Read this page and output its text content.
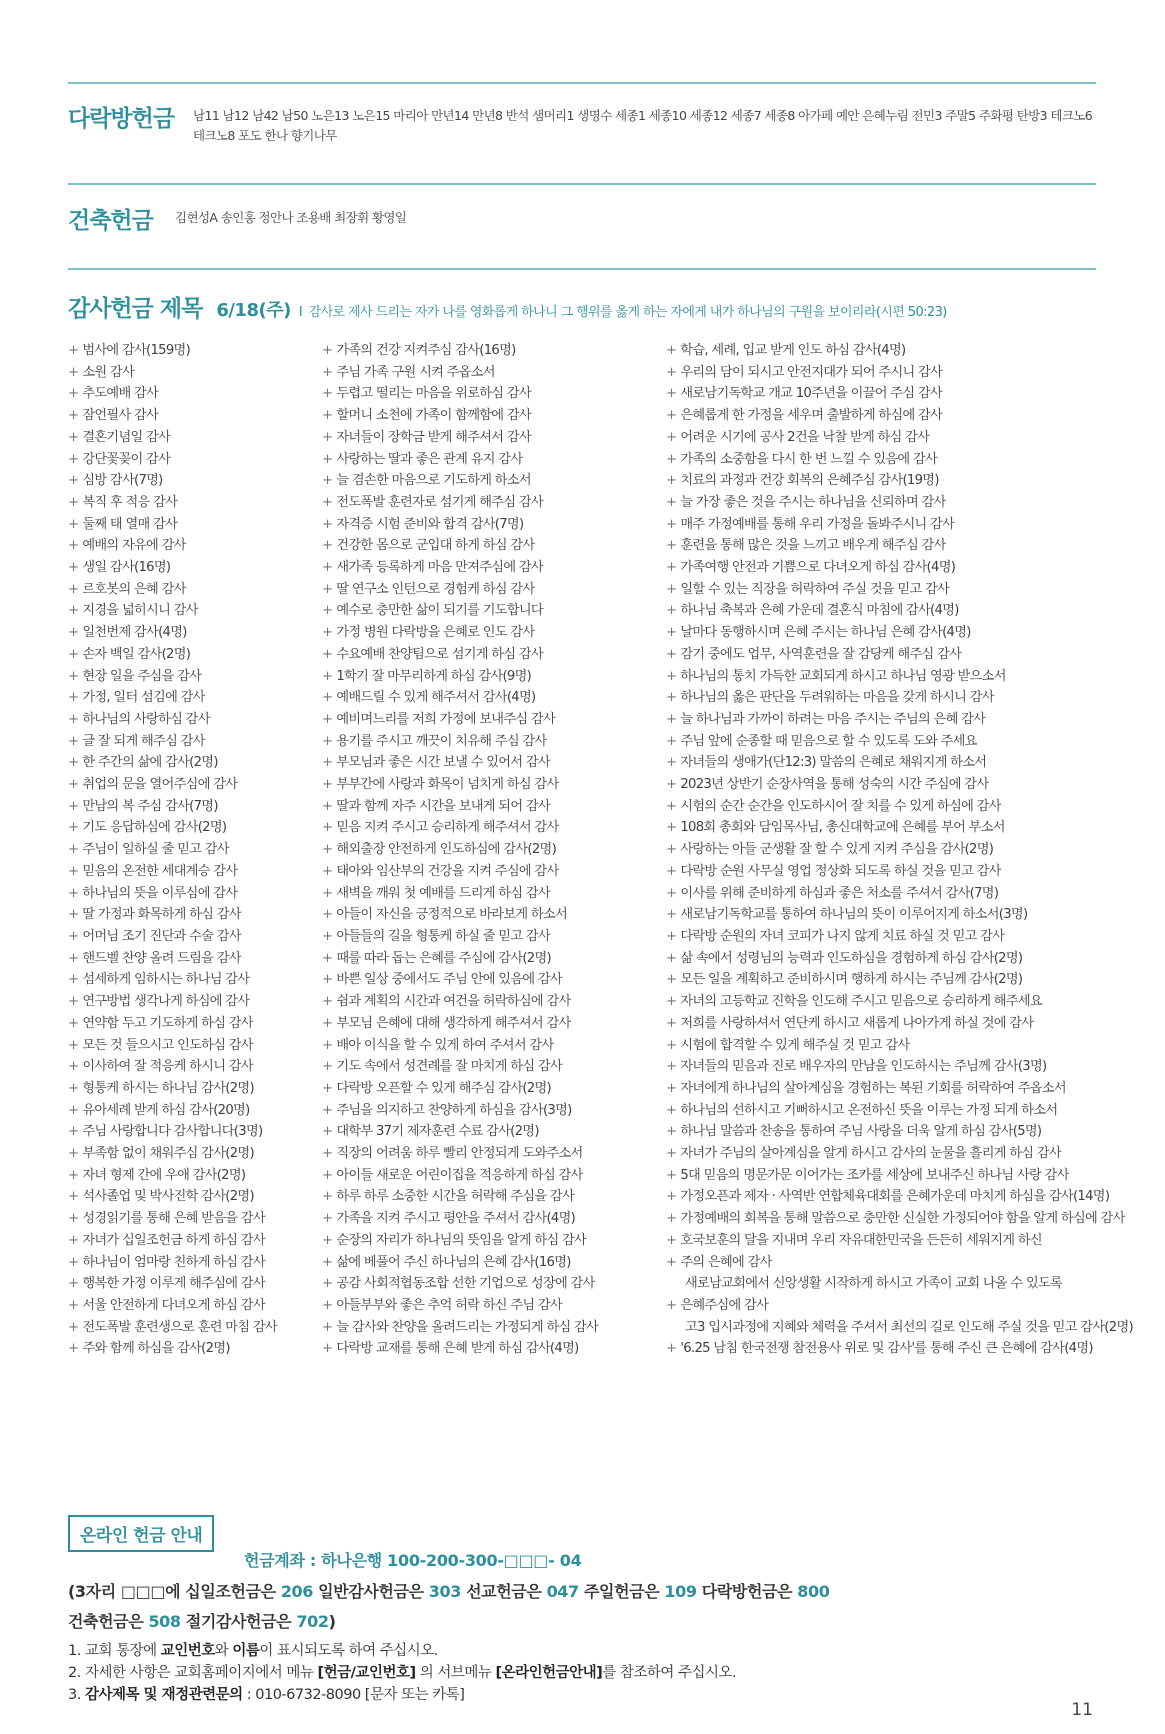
다락방헌금 남11 남12 남42 남50 노은13 노은15 마리아 만년14 만년8 반석 샘머리1 생명수 세종1 세종10 세종12 세종7 세종8 아가페 예안 은혜누림 전민3 주말5 주화평 탄방3 테크노6
테크노8 포도 한나 향기나무
건축헌금 김현성A 송인홍 정안나 조용배 최장휘 황영일
감사헌금 제목 6/18(주) I 감사로 제사 드리는 자가 나를 영화롭게 하나니 그 행위를 옳게 하는 자에게 내가 하나님의 구원을 보이리라(시편 50:23)
+ 범사에 감사(159명)
+ 소원 감사
+ 추도예배 감사
+ 잠언필사 감사
+ 결혼기념일 감사
+ 강단꽃꽂이 감사
+ 심방 감사(7명)
+ 복직 후 적응 감사
+ 둘째 태 열매 감사
+ 예배의 자유에 감사
+ 생일 감사(16명)
+ 르호봇의 은혜 감사
+ 지경을 넓히시니 감사
+ 일천번제 감사(4명)
+ 손자 백일 감사(2명)
+ 현장 일을 주심을 감사
+ 가정, 일터 섬김에 감사
+ 하나님의 사랑하심 감사
+ 글 잘 되게 해주심 감사
+ 한 주간의 삶에 감사(2명)
+ 취업의 문을 열어주심에 감사
+ 만남의 복 주심 감사(7명)
+ 기도 응답하심에 감사(2명)
+ 주님이 일하실 줄 믿고 감사
+ 믿음의 온전한 세대계승 감사
+ 하나님의 뜻을 이루심에 감사
+ 딸 가정과 화목하게 하심 감사
+ 어머님 조기 진단과 수술 감사
+ 핸드벨 찬양 올려 드림을 감사
+ 섬세하게 임하시는 하나님 감사
+ 연구방법 생각나게 하심에 감사
+ 연약함 두고 기도하게 하심 감사
+ 모든 것 들으시고 인도하심 감사
+ 이사하여 잘 적응케 하시니 감사
+ 형통케 하시는 하나님 감사(2명)
+ 유아세례 받게 하심 감사(20명)
+ 주님 사랑합니다 감사합니다(3명)
+ 부족함 없이 채워주심 감사(2명)
+ 자녀 형제 간에 우애 감사(2명)
+ 석사졸업 및 박사진학 감사(2명)
+ 성경읽기를 통해 은혜 받음을 감사
+ 자녀가 십일조헌금 하게 하심 감사
+ 하나님이 엄마랑 친하게 하심 감사
+ 행복한 가정 이루게 해주심에 감사
+ 서울 안전하게 다녀오게 하심 감사
+ 전도폭발 훈련생으로 훈련 마침 감사
+ 주와 함께 하심을 감사(2명)
+ 가족의 건강 지켜주심 감사(16명)
+ 주님 가족 구원 시켜 주옵소서
+ 두렵고 떨리는 마음을 위로하심 감사
+ 할머니 소천에 가족이 함께함에 감사
+ 자녀들이 장학금 받게 해주셔서 감사
+ 사랑하는 딸과 좋은 관계 유지 감사
+ 늘 겸손한 마음으로 기도하게 하소서
+ 전도폭발 훈련자로 섬기게 해주심 감사
+ 자격증 시험 준비와 합격 감사(7명)
+ 건강한 몸으로 군입대 하게 하심 감사
+ 새가족 등록하게 마음 만져주심에 감사
+ 딸 연구소 인턴으로 경험케 하심 감사
+ 예수로 충만한 삶이 되기를 기도합니다
+ 가정 병원 다락방을 은혜로 인도 감사
+ 수요예배 찬양팀으로 섬기게 하심 감사
+ 1학기 잘 마무리하게 하심 감사(9명)
+ 예배드릴 수 있게 해주셔서 감사(4명)
+ 예비며느리를 저희 가정에 보내주심 감사
+ 용기를 주시고 깨끗이 치유해 주심 감사
+ 부모님과 좋은 시간 보낼 수 있어서 감사
+ 부부간에 사랑과 화목이 넘치게 하심 감사
+ 딸과 함께 자주 시간을 보내게 되어 감사
+ 믿음 지켜 주시고 승리하게 해주셔서 감사
+ 해외출장 안전하게 인도하심에 감사(2명)
+ 태아와 임산부의 건강을 지켜 주심에 감사
+ 새벽을 깨워 첫 예배를 드리게 하심 감사
+ 아들이 자신을 긍정적으로 바라보게 하소서
+ 아들들의 길을 형통케 하실 줄 믿고 감사
+ 때를 따라 돕는 은혜를 주심에 감사(2명)
+ 바쁜 일상 중에서도 주님 안에 있음에 감사
+ 쉼과 계획의 시간과 여건을 허락하심에 감사
+ 부모님 은혜에 대해 생각하게 해주셔서 감사
+ 배아 이식을 할 수 있게 하여 주셔서 감사
+ 기도 속에서 성견례를 잘 마치게 하심 감사
+ 다락방 오픈할 수 있게 해주심 감사(2명)
+ 주님을 의지하고 찬양하게 하심을 감사(3명)
+ 대학부 37기 제자훈련 수료 감사(2명)
+ 직장의 어려움 하루 빨리 안정되게 도와주소서
+ 아이들 새로운 어린이집을 적응하게 하심 감사
+ 하루 하루 소중한 시간을 허락해 주심을 감사
+ 가족을 지켜 주시고 평안을 주셔서 감사(4명)
+ 순장의 자리가 하나님의 뜻임을 알게 하심 감사
+ 삶에 베풀어 주신 하나님의 은혜 감사(16명)
+ 공감 사회적협동조합 선한 기업으로 성장에 감사
+ 아들부부와 좋은 추억 허락 하신 주님 감사
+ 늘 감사와 찬양을 올려드리는 가정되게 하심 감사
+ 다락방 교재를 통해 은혜 받게 하심 감사(4명)
+ 학습, 세례, 입교 받게 인도 하심 감사(4명)
+ 우리의 담이 되시고 안전지대가 되어 주시니 감사
+ 새로남기독학교 개교 10주년을 이끌어 주심 감사
+ 은혜롭게 한 가정을 세우며 출발하게 하심에 감사
+ 어려운 시기에 공사 2건을 낙찰 받게 하심 감사
+ 가족의 소중함을 다시 한 번 느낄 수 있음에 감사
+ 치료의 과정과 건강 회복의 은혜주심 감사(19명)
+ 늘 가장 좋은 것을 주시는 하나님을 신뢰하며 감사
+ 매주 가정예배를 통해 우리 가정을 돌봐주시니 감사
+ 훈련을 통해 많은 것을 느끼고 배우게 해주심 감사
+ 가족여행 안전과 기쁨으로 다녀오게 하심 감사(4명)
+ 일할 수 있는 직장을 허락하여 주실 것을 믿고 감사
+ 하나님 축복과 은혜 가운데 결혼식 마침에 감사(4명)
+ 날마다 동행하시며 은혜 주시는 하나님 은혜 감사(4명)
+ 감기 중에도 업무, 사역훈련을 잘 감당케 해주심 감사
+ 하나님의 통치 가득한 교회되게 하시고 하나님 영광 받으소서
+ 하나님의 옳은 판단을 두려워하는 마음을 갖게 하시니 감사
+ 늘 하나님과 가까이 하려는 마음 주시는 주님의 은혜 감사
+ 주님 앞에 순종할 때 믿음으로 할 수 있도록 도와 주세요
+ 자녀들의 생애가(단12:3) 말씀의 은혜로 채워지게 하소서
+ 2023년 상반기 순장사역을 통해 성숙의 시간 주심에 감사
+ 시험의 순간 순간을 인도하시어 잘 치를 수 있게 하심에 감사
+ 108회 총회와 담임목사님, 총신대학교에 은혜를 부어 부소서
+ 사랑하는 아들 군생활 잘 할 수 있게 지켜 주심을 감사(2명)
+ 다락방 순원 사무실 영업 정상화 되도록 하실 것을 믿고 감사
+ 이사를 위해 준비하게 하심과 좋은 처소를 주셔서 감사(7명)
+ 새로남기독학교를 통하여 하나님의 뜻이 이루어지게 하소서(3명)
+ 다락방 순원의 자녀 코피가 나지 않게 치료 하실 것 믿고 감사
+ 삶 속에서 성령님의 능력과 인도하심을 경험하게 하심 감사(2명)
+ 모든 일을 계획하고 준비하시며 행하게 하시는 주님께 감사(2명)
+ 자녀의 고등학교 진학을 인도해 주시고 믿음으로 승리하게 해주세요
+ 저희를 사랑하셔서 연단케 하시고 새롭게 나아가게 하실 것에 감사
+ 시험에 합격할 수 있게 해주실 것 믿고 감사
+ 자녀들의 믿음과 진로 배우자의 만남을 인도하시는 주님께 감사(3명)
+ 자녀에게 하나님의 살아계심을 경험하는 복된 기회를 허락하여 주옵소서
+ 하나님의 선하시고 기뻐하시고 온전하신 뜻을 이루는 가정 되게 하소서
+ 하나님 말씀과 찬송을 통하여 주님 사랑을 더욱 알게 하심 감사(5명)
+ 자녀가 주님의 살아계심을 알게 하시고 감사의 눈물을 흘리게 하심 감사
+ 5대 믿음의 명문가문 이어가는 조카를 세상에 보내주신 하나님 사랑 감사
+ 가정오픈과 제자 · 사역반 연합체육대회를 은혜가운데 마치게 하심을 감사(14명)
+ 가정예배의 회복을 통해 말씀으로 충만한 신실한 가정되어야 함을 알게 하심에 감사
+ 호국보훈의 달을 지내며 우리 자유대한민국을 든든히 세워지게 하신
+ 주의 은혜에 감사
새로남교회에서 신앙생활 시작하게 하시고 가족이 교회 나올 수 있도록
+ 은혜주심에 감사
고3 입시과정에 지혜와 체력을 주셔서 최선의 길로 인도해 주실 것을 믿고 감사(2명)
+ '6.25 남침 한국전쟁 참전용사 위로 및 감사'를 통해 주신 큰 은혜에 감사(4명)
온라인 헌금 안내
헌금계좌 : 하나은행 100-200-300-□□□- 04
(3자리 □□□에 십일조헌금은 206 일반감사헌금은 303 선교헌금은 047 주일헌금은 109 다락방헌금은 800
건축헌금은 508 절기감사헌금은 702)
1. 교회 통장에 교인번호와 이름이 표시되도록 하여 주십시오.
2. 자세한 사항은 교회홈페이지에서 메뉴 [헌금/교인번호] 의 서브메뉴 [온라인헌금안내]를 참조하여 주십시오.
3. 감사제목 및 재정관련문의 : 010-6732-8090 [문자 또는 카톡]
11
